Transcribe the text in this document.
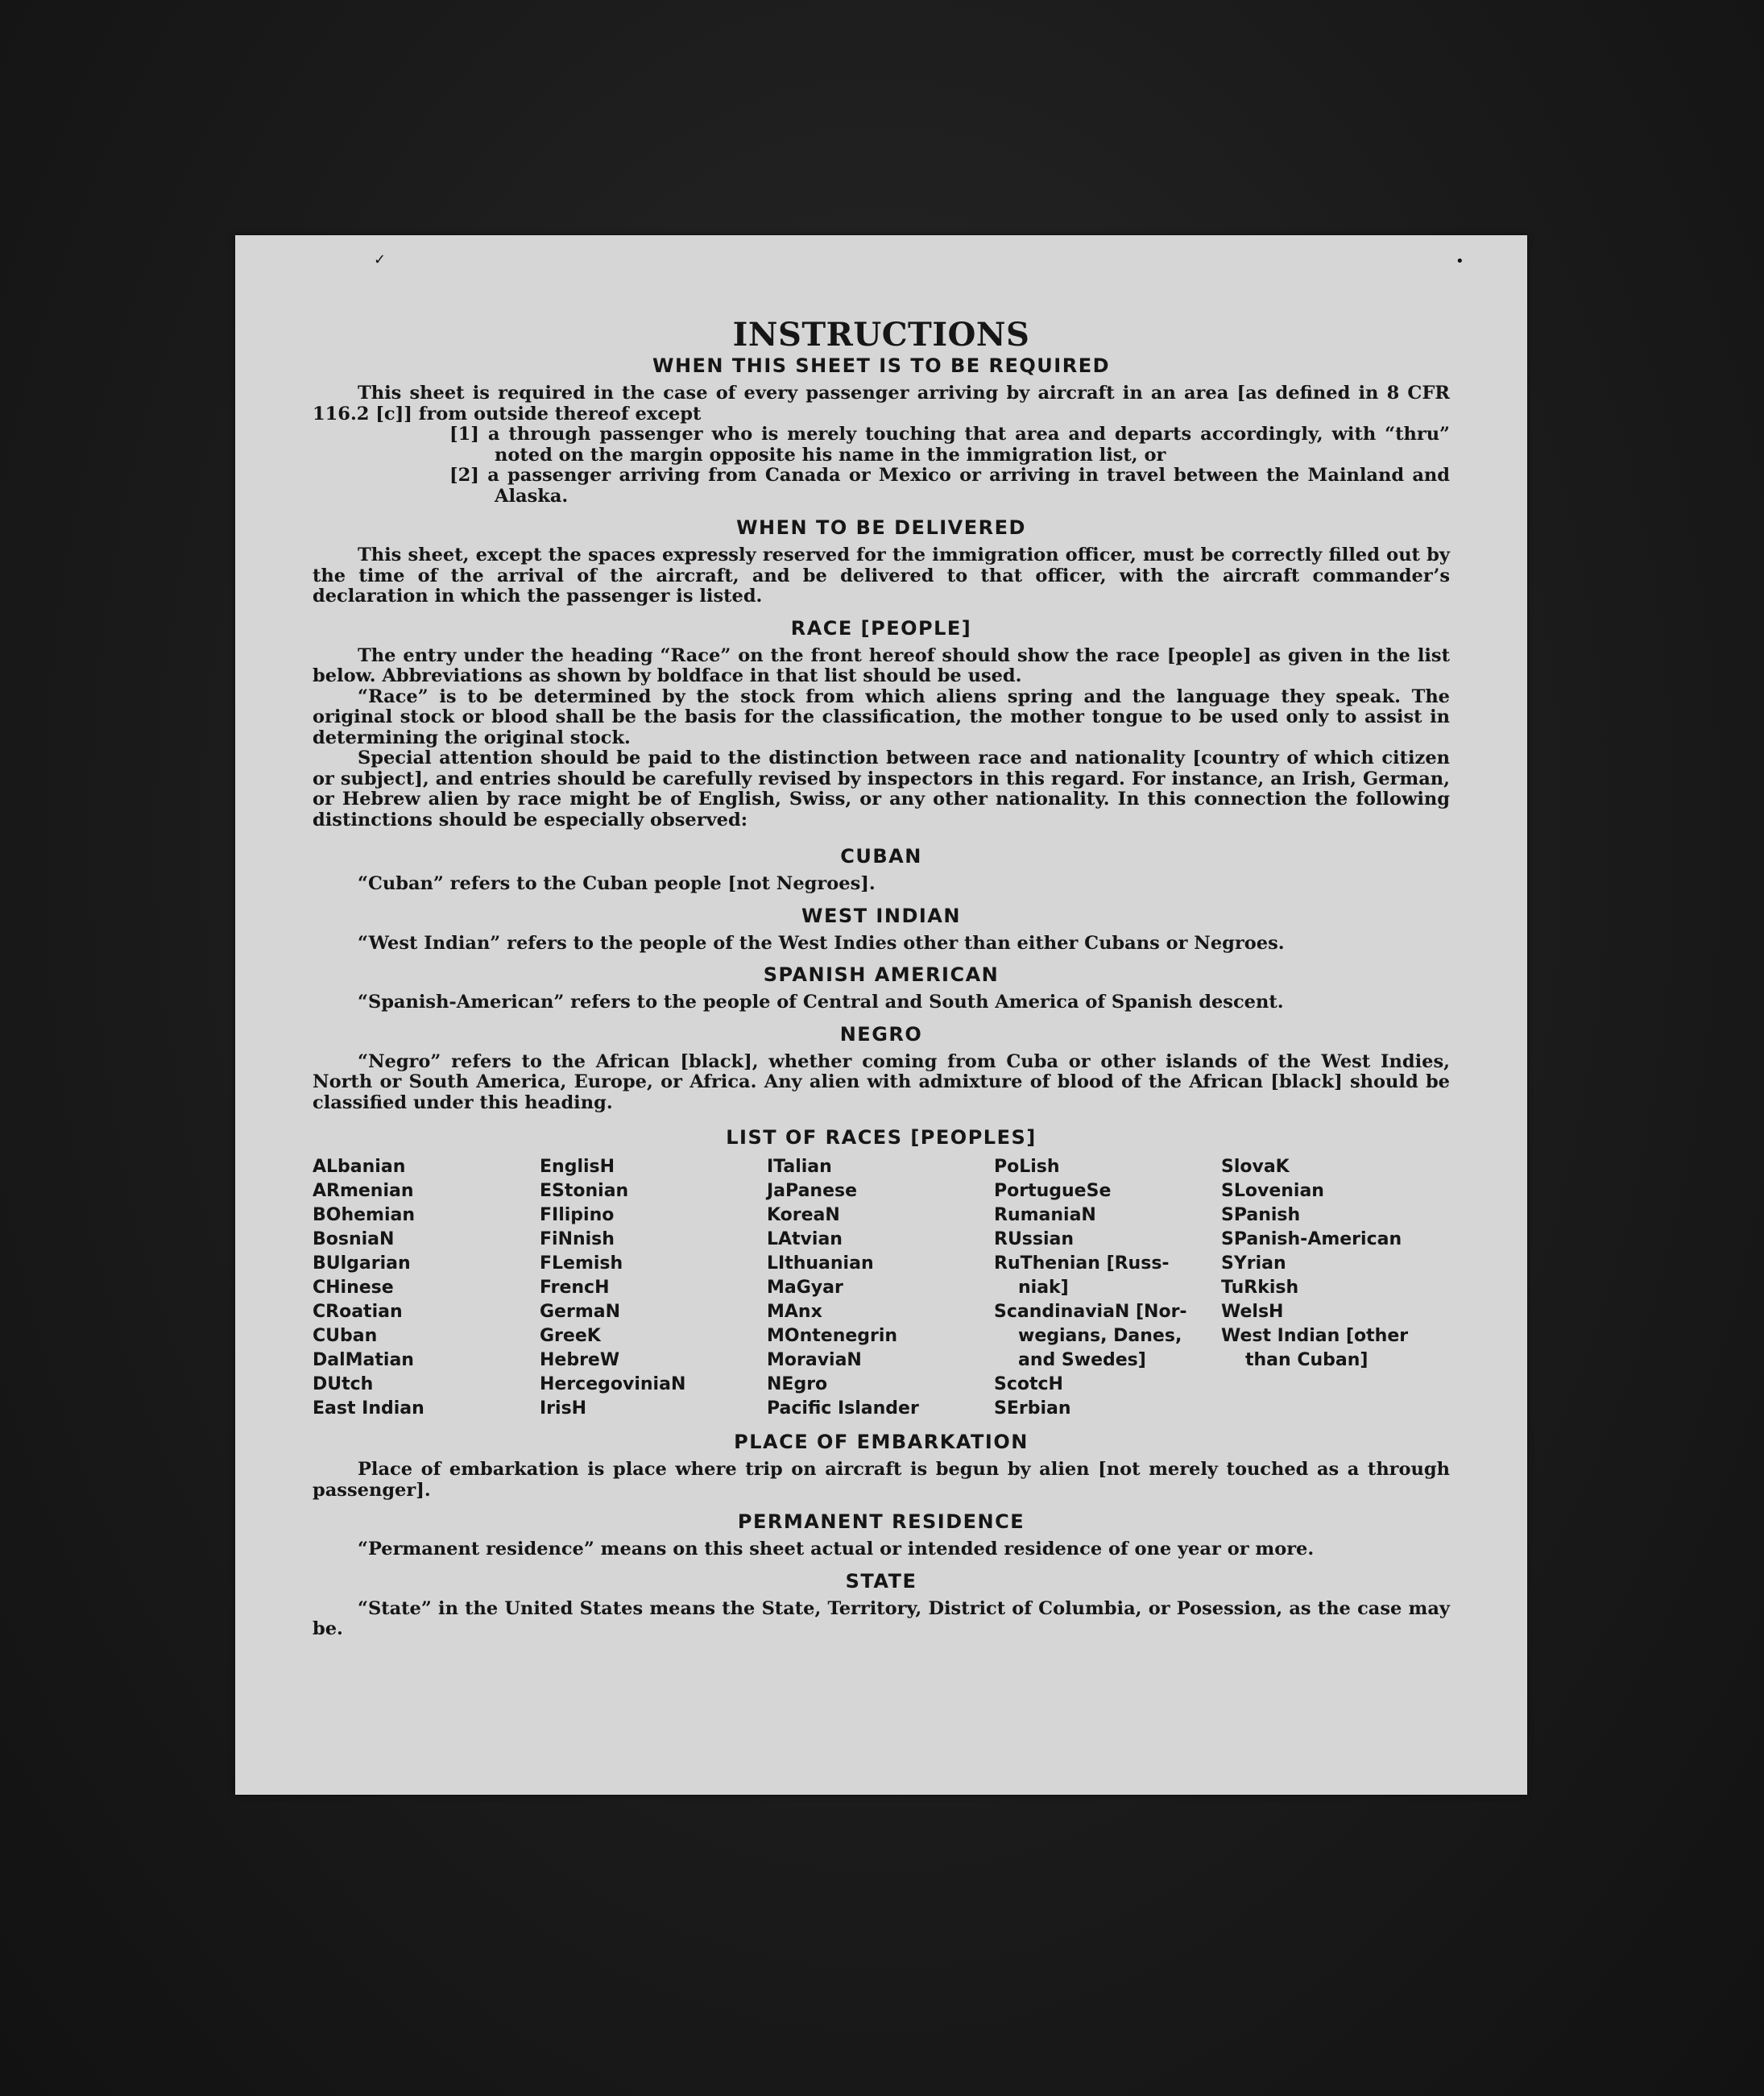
✓	•
INSTRUCTIONS
WHEN THIS SHEET IS TO BE REQUIRED

This sheet is required in the case of every passenger arriving by aircraft in an area [as defined in 8 CFR 116.2 [c]] from outside thereof except

[1] a through passenger who is merely touching that area and departs accordingly, with “thru” noted on the margin opposite his name in the immigration list, or

[2] a passenger arriving from Canada or Mexico or arriving in travel between the Mainland and Alaska.

WHEN TO BE DELIVERED

This sheet, except the spaces expressly reserved for the immigration officer, must be correctly filled out by the time of the arrival of the aircraft, and be delivered to that officer, with the aircraft commander’s declaration in which the passenger is listed.

RACE [PEOPLE]

The entry under the heading “Race” on the front hereof should show the race [people] as given in the list below. Abbreviations as shown by boldface in that list should be used.

“Race” is to be determined by the stock from which aliens spring and the language they speak. The original stock or blood shall be the basis for the classification, the mother tongue to be used only to assist in determining the original stock.

Special attention should be paid to the distinction between race and nationality [country of which citizen or subject], and entries should be carefully revised by inspectors in this regard. For instance, an Irish, German, or Hebrew alien by race might be of English, Swiss, or any other nationality. In this connection the following distinctions should be especially observed:

CUBAN

“Cuban” refers to the Cuban people [not Negroes].

WEST INDIAN

“West Indian” refers to the people of the West Indies other than either Cubans or Negroes.

SPANISH AMERICAN

“Spanish-American” refers to the people of Central and South America of Spanish descent.

NEGRO

“Negro” refers to the African [black], whether coming from Cuba or other islands of the West Indies, North or South America, Europe, or Africa. Any alien with admixture of blood of the African [black] should be classified under this heading.

LIST OF RACES [PEOPLES]
ALbanian
ARmenian
BOhemian
BosniaN
BUlgarian
CHinese
CRoatian
CUban
DalMatian
DUtch
East Indian
EnglisH
EStonian
FIlipino
FiNnish
FLemish
FrencH
GermaN
GreeK
HebreW
HercegoviniaN
IrisH
ITalian
JaPanese
KoreaN
LAtvian
LIthuanian
MaGyar
MAnx
MOntenegrin
MoraviaN
NEgro
Pacific Islander
PoLish
PortugueSe
RumaniaN
RUssian
RuThenian [Russ-
niak]
ScandinaviaN [Nor-
wegians, Danes,
and Swedes]
ScotcH
SErbian
SlovaK
SLovenian
SPanish
SPanish-American
SYrian
TuRkish
WelsH
West Indian [other
than Cuban]
PLACE OF EMBARKATION

Place of embarkation is place where trip on aircraft is begun by alien [not merely touched as a through passenger].

PERMANENT RESIDENCE

“Permanent residence” means on this sheet actual or intended residence of one year or more.

STATE

“State” in the United States means the State, Territory, District of Columbia, or Posession, as the case may be.
